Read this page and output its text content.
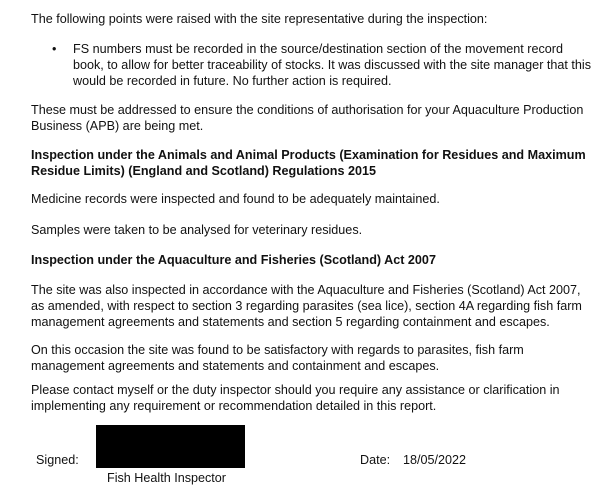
The following points were raised with the site representative during the inspection:

• FS numbers must be recorded in the source/destination section of the movement record book, to allow for better traceability of stocks. It was discussed with the site manager that this would be recorded in future. No further action is required.

These must be addressed to ensure the conditions of authorisation for your Aquaculture Production Business (APB) are being met.

Inspection under the Animals and Animal Products (Examination for Residues and Maximum Residue Limits) (England and Scotland) Regulations 2015

Medicine records were inspected and found to be adequately maintained.

Samples were taken to be analysed for veterinary residues.

Inspection under the Aquaculture and Fisheries (Scotland) Act 2007

The site was also inspected in accordance with the Aquaculture and Fisheries (Scotland) Act 2007, as amended, with respect to section 3 regarding parasites (sea lice), section 4A regarding fish farm management agreements and statements and section 5 regarding containment and escapes.

On this occasion the site was found to be satisfactory with regards to parasites, fish farm management agreements and statements and containment and escapes.

Please contact myself or the duty inspector should you require any assistance or clarification in implementing any requirement or recommendation detailed in this report.

Signed:
Fish Health Inspector
Date: 18/05/2022
